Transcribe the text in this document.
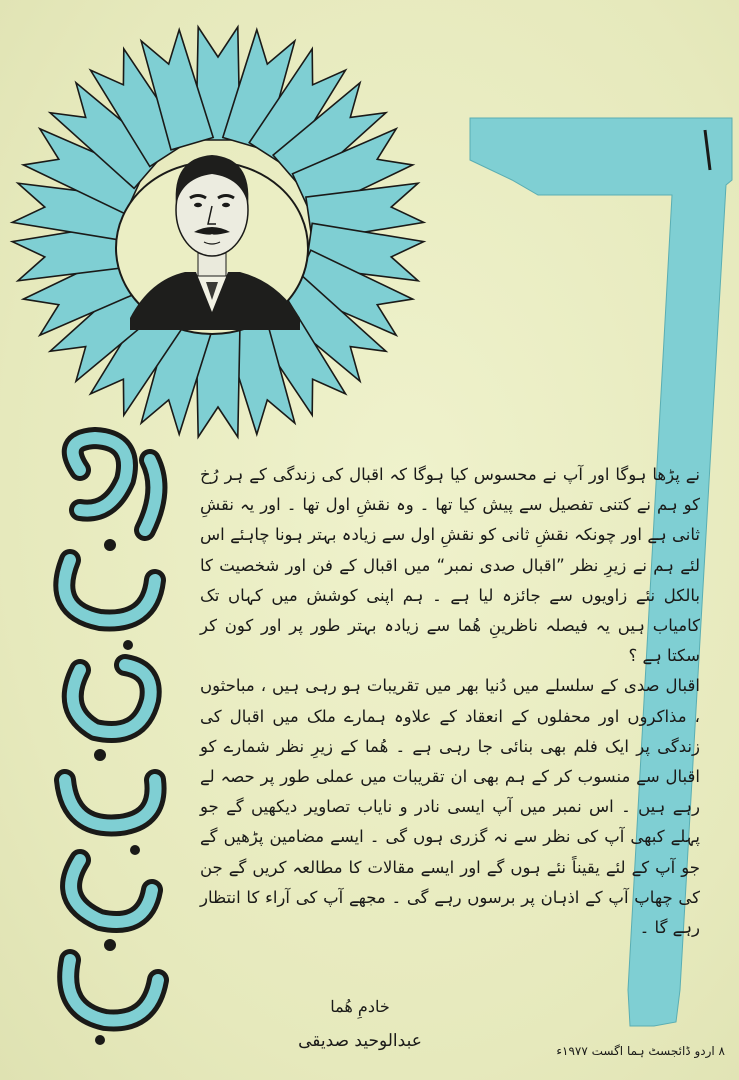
نے پڑھا ہوگا اور آپ نے محسوس کیا ہوگا کہ اقبال کی زندگی کے ہر رُخ کو ہم نے کتنی تفصیل سے پیش کیا تھا ۔ وہ نقشِ اول تھا ۔ اور یہ نقشِ ثانی ہے اور چونکہ نقشِ ثانی کو نقشِ اول سے زیادہ بہتر ہونا چاہئے اس لئے ہم نے زیرِ نظر ”اقبال صدی نمبر“ میں اقبال کے فن اور شخصیت کا بالکل نئے زاویوں سے جائزہ لیا ہے ۔ ہم اپنی کوشش میں کہاں تک کامیاب ہیں یہ فیصلہ ناظرینِ ھُما سے زیادہ بہتر طور پر اور کون کر سکتا ہے ؟

اقبال صدی کے سلسلے میں دُنیا بھر میں تقریبات ہو رہی ہیں ، مباحثوں ، مذاکروں اور محفلوں کے انعقاد کے علاوہ ہمارے ملک میں اقبال کی زندگی پر ایک فلم بھی بنائی جا رہی ہے ۔ ھُما کے زیرِ نظر شمارے کو اقبال سے منسوب کر کے ہم بھی ان تقریبات میں عملی طور پر حصہ لے رہے ہیں ۔ اس نمبر میں آپ ایسی نادر و نایاب تصاویر دیکھیں گے جو پہلے کبھی آپ کی نظر سے نہ گزری ہوں گی ۔ ایسے مضامین پڑھیں گے جو آپ کے لئے یقیناً نئے ہوں گے اور ایسے مقالات کا مطالعہ کریں گے جن کی چھاپ آپ کے اذہان پر برسوں رہے گی ۔ مجھے آپ کی آراء کا انتظار رہے گا ۔

خادمِ ھُما
عبدالوحید صدیقی	۸ اردو ڈائجسٹ ہما اگست ۱۹۷۷ء
